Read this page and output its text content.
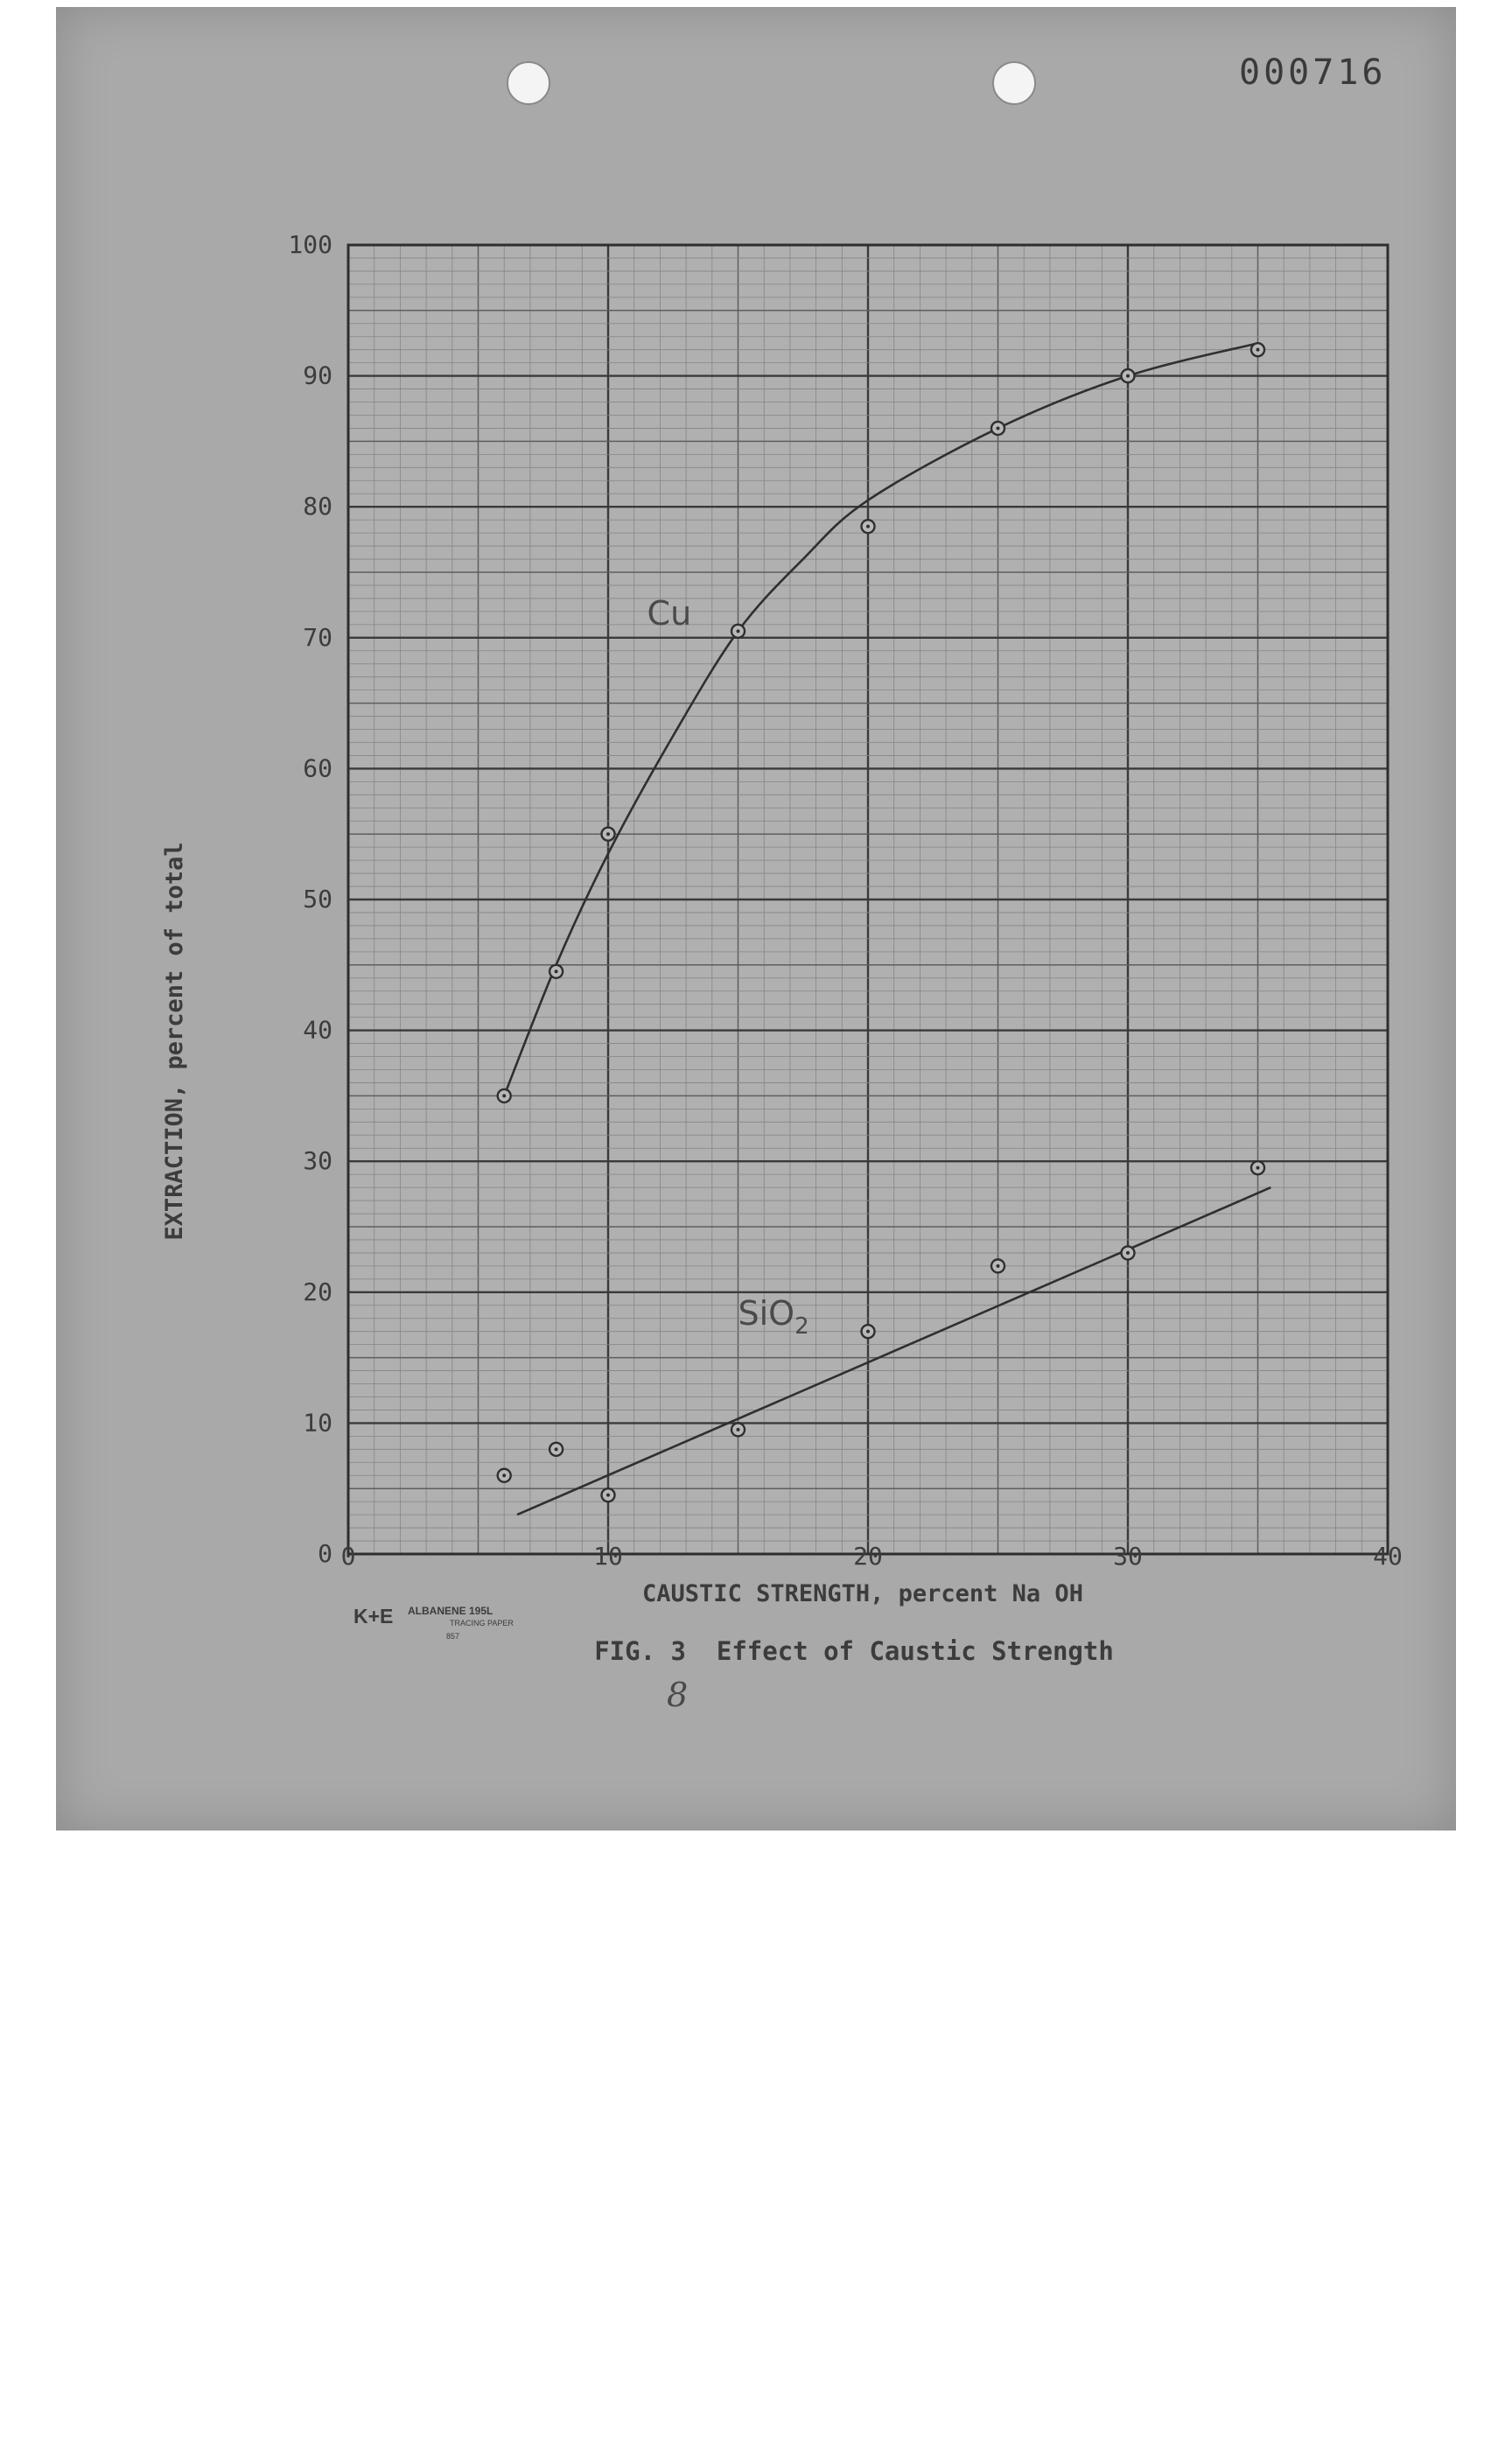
000716
0	10	20	30	40
0
10
20
30
40
50
60
70
80
90
100
Cu
SiO$_2$
EXTRACTION, percent of total
CAUSTIC STRENGTH, percent Na OH
FIG. 3  Effect of Caustic Strength
K+E ALBANENE 195L
TRACING PAPER
857
8
